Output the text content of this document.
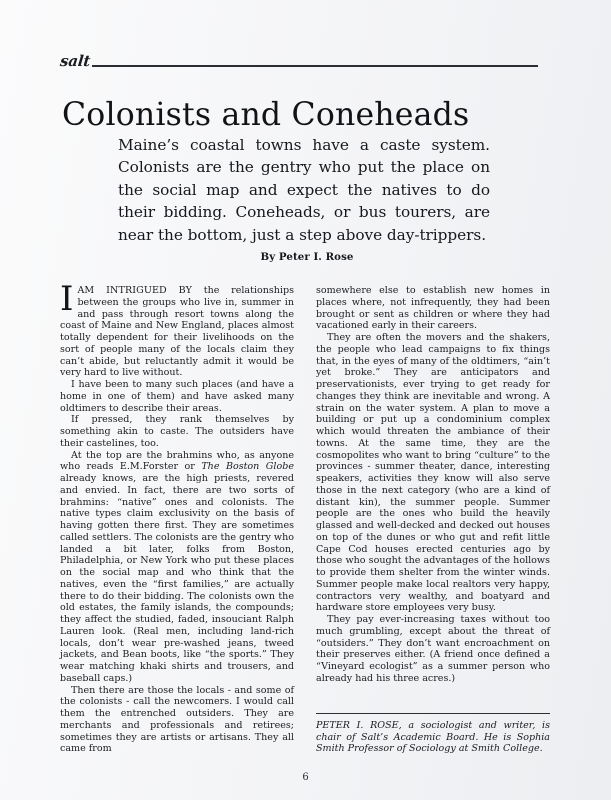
salt
Colonists and Coneheads
Maine’s coastal towns have a caste system. Colonists are the gentry who put the place on the social map and expect the natives to do their bidding. Coneheads, or bus tourers, are near the bottom, just a step above day-trippers.
By Peter I. Rose

IAM INTRIGUED BY the relationships between the groups who live in, summer in and pass through resort towns along the coast of Maine and New England, places almost totally dependent for their livelihoods on the sort of people many of the locals claim they can’t abide, but reluctantly admit it would be very hard to live without.

I have been to many such places (and have a home in one of them) and have asked many oldtimers to describe their areas.

If pressed, they rank themselves by something akin to caste. The outsiders have their castelines, too.

At the top are the brahmins who, as anyone who reads E.M.Forster or The Boston Globe already knows, are the high priests, revered and envied. In fact, there are two sorts of brahmins: “native” ones and colonists. The native types claim exclusivity on the basis of having gotten there first. They are sometimes called settlers. The colonists are the gentry who landed a bit later, folks from Boston, Philadelphia, or New York who put these places on the social map and who think that the natives, even the “first families,” are actually there to do their bidding. The colonists own the old estates, the family islands, the compounds; they affect the studied, faded, insouciant Ralph Lauren look. (Real men, including land-rich locals, don’t wear pre-washed jeans, tweed jackets, and Bean boots, like “the sports.” They wear matching khaki shirts and trousers, and baseball caps.)

Then there are those the locals - and some of the colonists - call the newcomers. I would call them the entrenched outsiders. They are merchants and professionals and retirees; sometimes they are artists or artisans. They all came from

somewhere else to establish new homes in places where, not infrequently, they had been brought or sent as children or where they had vacationed early in their careers.

They are often the movers and the shakers, the people who lead campaigns to fix things that, in the eyes of many of the oldtimers, “ain’t yet broke.” They are anticipators and preservationists, ever trying to get ready for changes they think are inevitable and wrong. A strain on the water system. A plan to move a building or put up a condominium complex which would threaten the ambiance of their towns. At the same time, they are the cosmopolites who want to bring “culture” to the provinces - summer theater, dance, interesting speakers, activities they know will also serve those in the next category (who are a kind of distant kin), the summer people. Summer people are the ones who build the heavily glassed and well-decked and decked out houses on top of the dunes or who gut and refit little Cape Cod houses erected centuries ago by those who sought the advantages of the hollows to provide them shelter from the winter winds. Summer people make local realtors very happy, contractors very wealthy, and boatyard and hardware store employees very busy.

They pay ever-increasing taxes without too much grumbling, except about the threat of “outsiders.” They don’t want encroachment on their preserves either. (A friend once defined a “Vineyard ecologist” as a summer person who already had his three acres.)

PETER I. ROSE, a sociologist and writer, is chair of Salt’s Academic Board. He is Sophia Smith Professor of Sociology at Smith College.

6
